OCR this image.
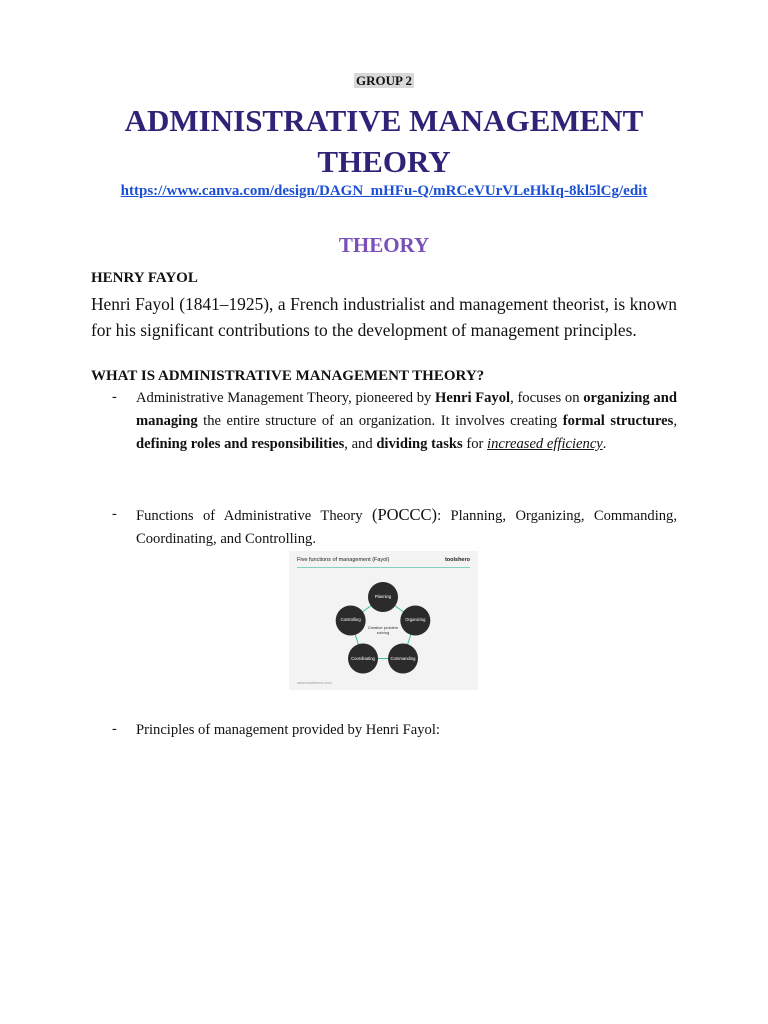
GROUP 2
ADMINISTRATIVE MANAGEMENT
THEORY
https://www.canva.com/design/DAGN_mHFu-Q/mRCeVUrVLeHkIq-8kl5lCg/edit
THEORY
HENRY FAYOL
Henri Fayol (1841–1925), a French industrialist and management theorist, is known for his significant contributions to the development of management principles.
WHAT IS ADMINISTRATIVE MANAGEMENT THEORY?
- Administrative Management Theory, pioneered by Henri Fayol, focuses on organizing and managing the entire structure of an organization. It involves creating formal structures, defining roles and responsibilities, and dividing tasks for increased efficiency.
- Functions of Administrative Theory (POCCC): Planning, Organizing, Commanding, Coordinating, and Controlling.
Five functions of management (Fayol)	toolshero
Planning
Organizing
Commanding
Coordinating
Controlling
Creative problem solving
www.toolshero.com
- Principles of management provided by Henri Fayol:
